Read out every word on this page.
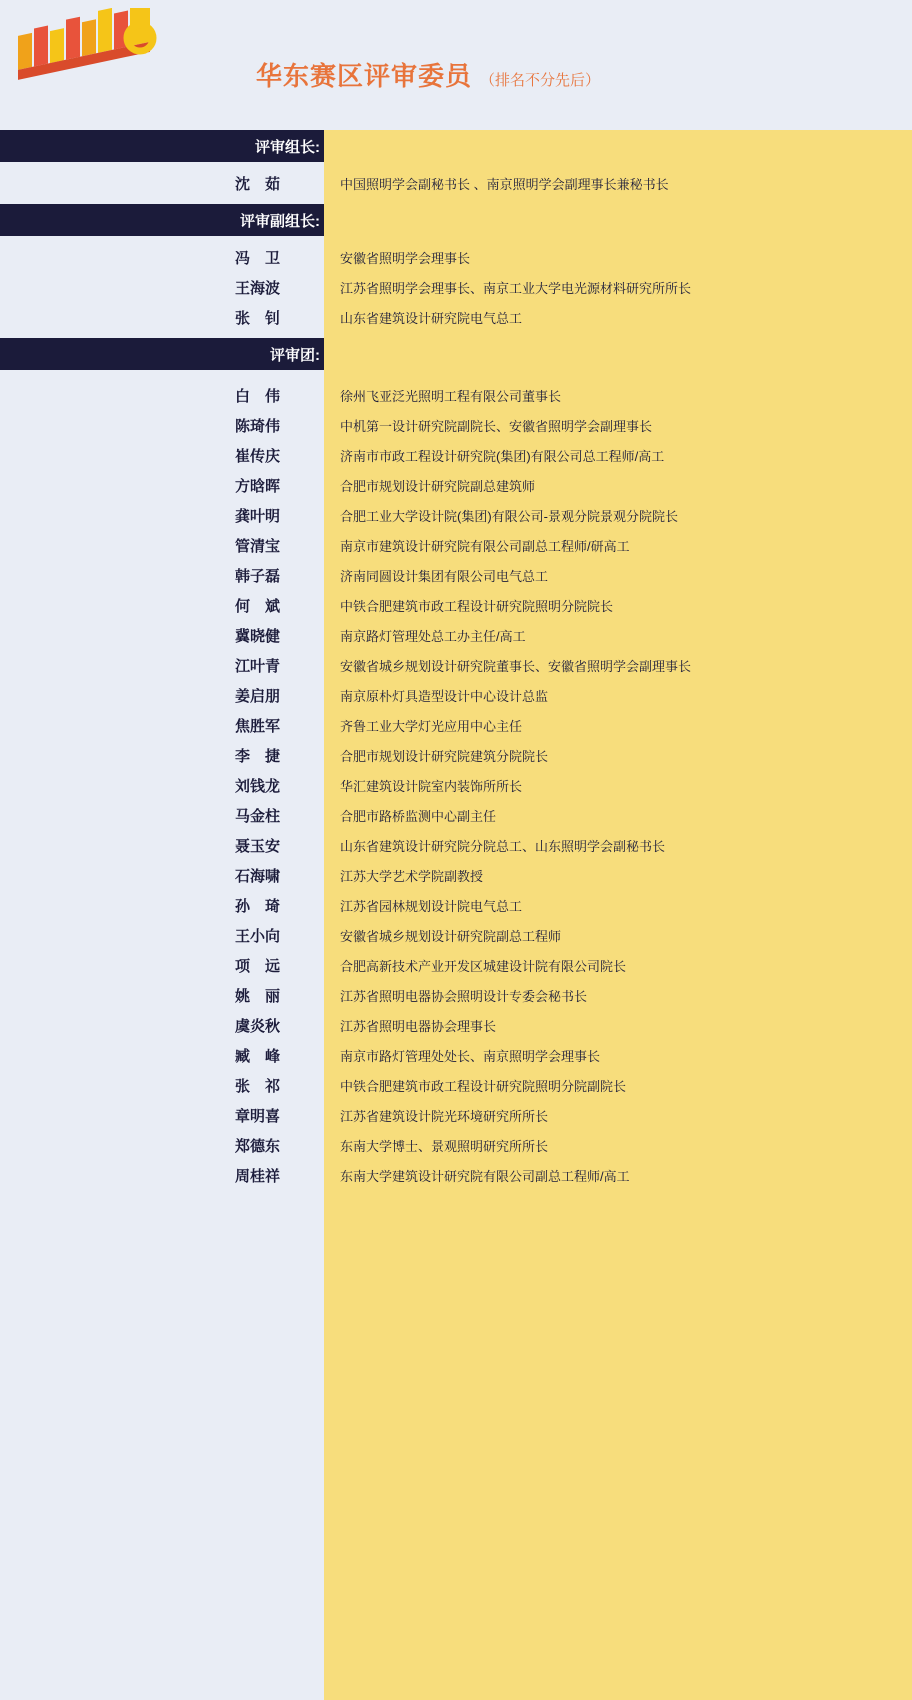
华东赛区评审委员 （排名不分先后）
评审组长:
沈　茹	中国照明学会副秘书长 、南京照明学会副理事长兼秘书长
评审副组长:
冯　卫	安徽省照明学会理事长
王海波	江苏省照明学会理事长、南京工业大学电光源材料研究所所长
张　钊	山东省建筑设计研究院电气总工
评审团:
白　伟	徐州飞亚泛光照明工程有限公司董事长
陈琦伟	中机第一设计研究院副院长、安徽省照明学会副理事长
崔传庆	济南市市政工程设计研究院(集团)有限公司总工程师/高工
方晗晖	合肥市规划设计研究院副总建筑师
龚叶明	合肥工业大学设计院(集团)有限公司-景观分院景观分院院长
管清宝	南京市建筑设计研究院有限公司副总工程师/研高工
韩子磊	济南同圆设计集团有限公司电气总工
何　斌	中铁合肥建筑市政工程设计研究院照明分院院长
冀晓健	南京路灯管理处总工办主任/高工
江叶青	安徽省城乡规划设计研究院董事长、安徽省照明学会副理事长
姜启朋	南京原朴灯具造型设计中心设计总监
焦胜军	齐鲁工业大学灯光应用中心主任
李　捷	合肥市规划设计研究院建筑分院院长
刘钱龙	华汇建筑设计院室内装饰所所长
马金柱	合肥市路桥监测中心副主任
聂玉安	山东省建筑设计研究院分院总工、山东照明学会副秘书长
石海啸	江苏大学艺术学院副教授
孙　琦	江苏省园林规划设计院电气总工
王小向	安徽省城乡规划设计研究院副总工程师
项　远	合肥高新技术产业开发区城建设计院有限公司院长
姚　丽	江苏省照明电器协会照明设计专委会秘书长
虞炎秋	江苏省照明电器协会理事长
臧　峰	南京市路灯管理处处长、南京照明学会理事长
张　祁	中铁合肥建筑市政工程设计研究院照明分院副院长
章明喜	江苏省建筑设计院光环境研究所所长
郑德东	东南大学博士、景观照明研究所所长
周桂祥	东南大学建筑设计研究院有限公司副总工程师/高工
